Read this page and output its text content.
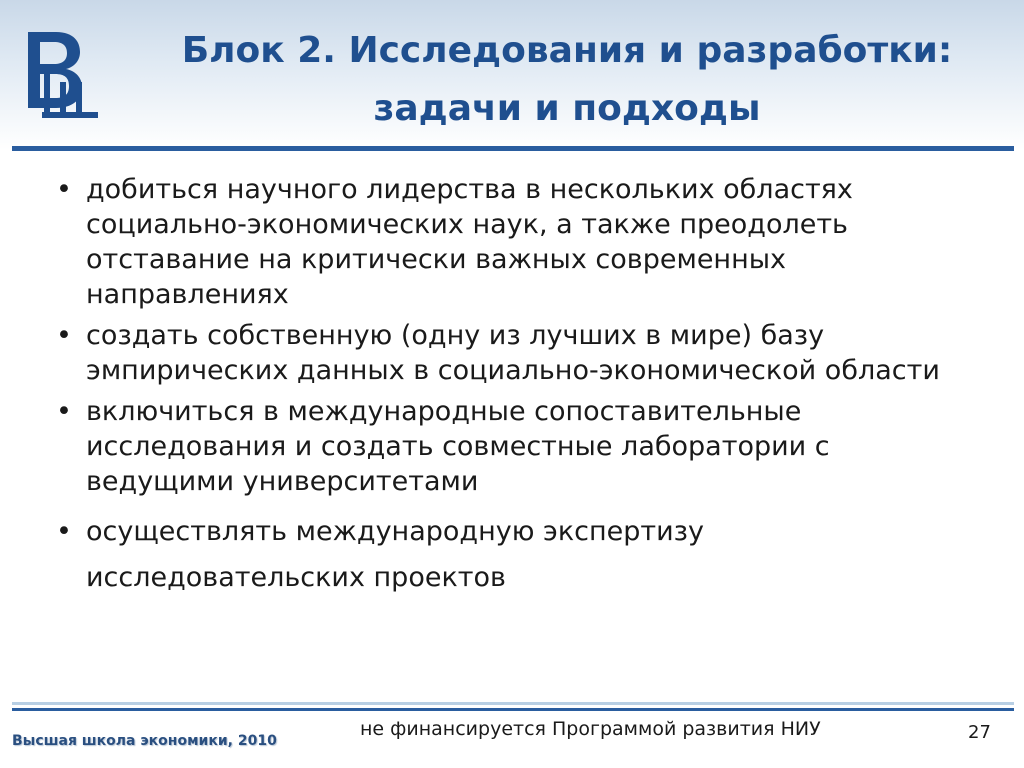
Блок 2. Исследования и разработки:
задачи и подходы
• добиться научного лидерства в нескольких областях социально-экономических наук, а также преодолеть отставание на критически важных современных направлениях
• создать собственную (одну из лучших в мире) базу эмпирических данных в социально-экономической области
• включиться в международные сопоставительные исследования и создать совместные лаборатории с ведущими университетами
• осуществлять международную экспертизу исследовательских проектов
Высшая школа экономики, 2010
не финансируется Программой развития НИУ	27
